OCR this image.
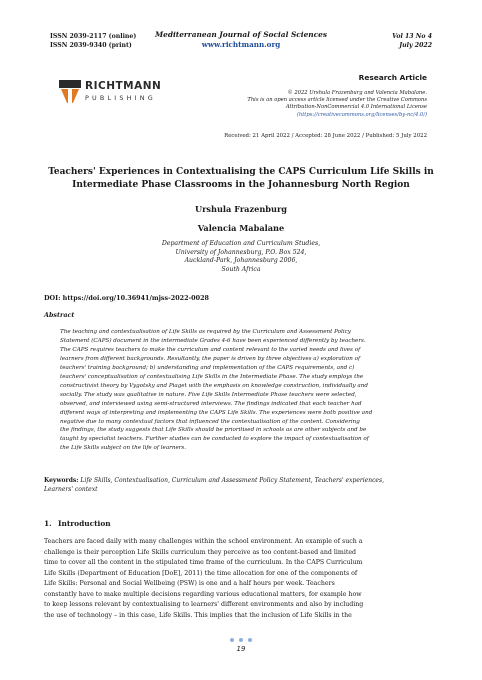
ISSN 2039-2117 (online)
ISSN 2039-9340 (print)
Mediterranean Journal of Social Sciences
www.richtmann.org
Vol 13 No 4
July 2022
RICHTMANN
PUBLISHING
Research Article
© 2022 Urshula Frazenburg and Valencia Mabalane.
This is an open access article licensed under the Creative Commons
Attribution-NonCommercial 4.0 International License
(https://creativecommons.org/licenses/by-nc/4.0/)
Received: 21 April 2022 / Accepted: 28 June 2022 / Published: 5 July 2022
Teachers' Experiences in Contextualising the CAPS Curriculum Life Skills in
Intermediate Phase Classrooms in the Johannesburg North Region
Urshula Frazenburg
Valencia Mabalane
Department of Education and Curriculum Studies,
University of Johannesburg, P.O. Box 524,
Auckland-Park, Johannesburg 2006,
South Africa
DOI: https://doi.org/10.36941/mjss-2022-0028
Abstract
The teaching and contextualisation of Life Skills as required by the Curriculum and Assessment Policy
Statement (CAPS) document in the intermediate Grades 4-6 have been experienced differently by teachers.
The CAPS requires teachers to make the curriculum and content relevant to the varied needs and lives of
learners from different backgrounds. Resultantly, the paper is driven by three objectives a) exploration of
teachers' training background; b) understanding and implementation of the CAPS requirements, and c)
teachers' conceptualisation of contextualising Life Skills in the Intermediate Phase. The study employs the
constructivist theory by Vygotsky and Piaget with the emphasis on knowledge construction, individually and
socially. The study was qualitative in nature. Five Life Skills Intermediate Phase teachers were selected,
observed, and interviewed using semi-structured interviews. The findings indicated that each teacher had
different ways of interpreting and implementing the CAPS Life Skills. The experiences were both positive and
negative due to many contextual factors that influenced the contextualisation of the content. Considering
the findings, the study suggests that Life Skills should be prioritised in schools as are other subjects and be
taught by specialist teachers. Further studies can be conducted to explore the impact of contextualisation of
the Life Skills subject on the life of learners.
Keywords: Life Skills, Contextualisation, Curriculum and Assessment Policy Statement, Teachers' experiences,
Learners' context
1. Introduction
Teachers are faced daily with many challenges within the school environment. An example of such a
challenge is their perception Life Skills curriculum they perceive as too content-based and limited
time to cover all the content in the stipulated time frame of the curriculum. In the CAPS Curriculum
Life Skills (Department of Education [DoE], 2011) the time allocation for one of the components of
Life Skills: Personal and Social Wellbeing (PSW) is one and a half hours per week. Teachers
constantly have to make multiple decisions regarding various educational matters, for example how
to keep lessons relevant by contextualising to learners' different environments and also by including
the use of technology – in this case, Life Skills. This implies that the inclusion of Life Skills in the
19
